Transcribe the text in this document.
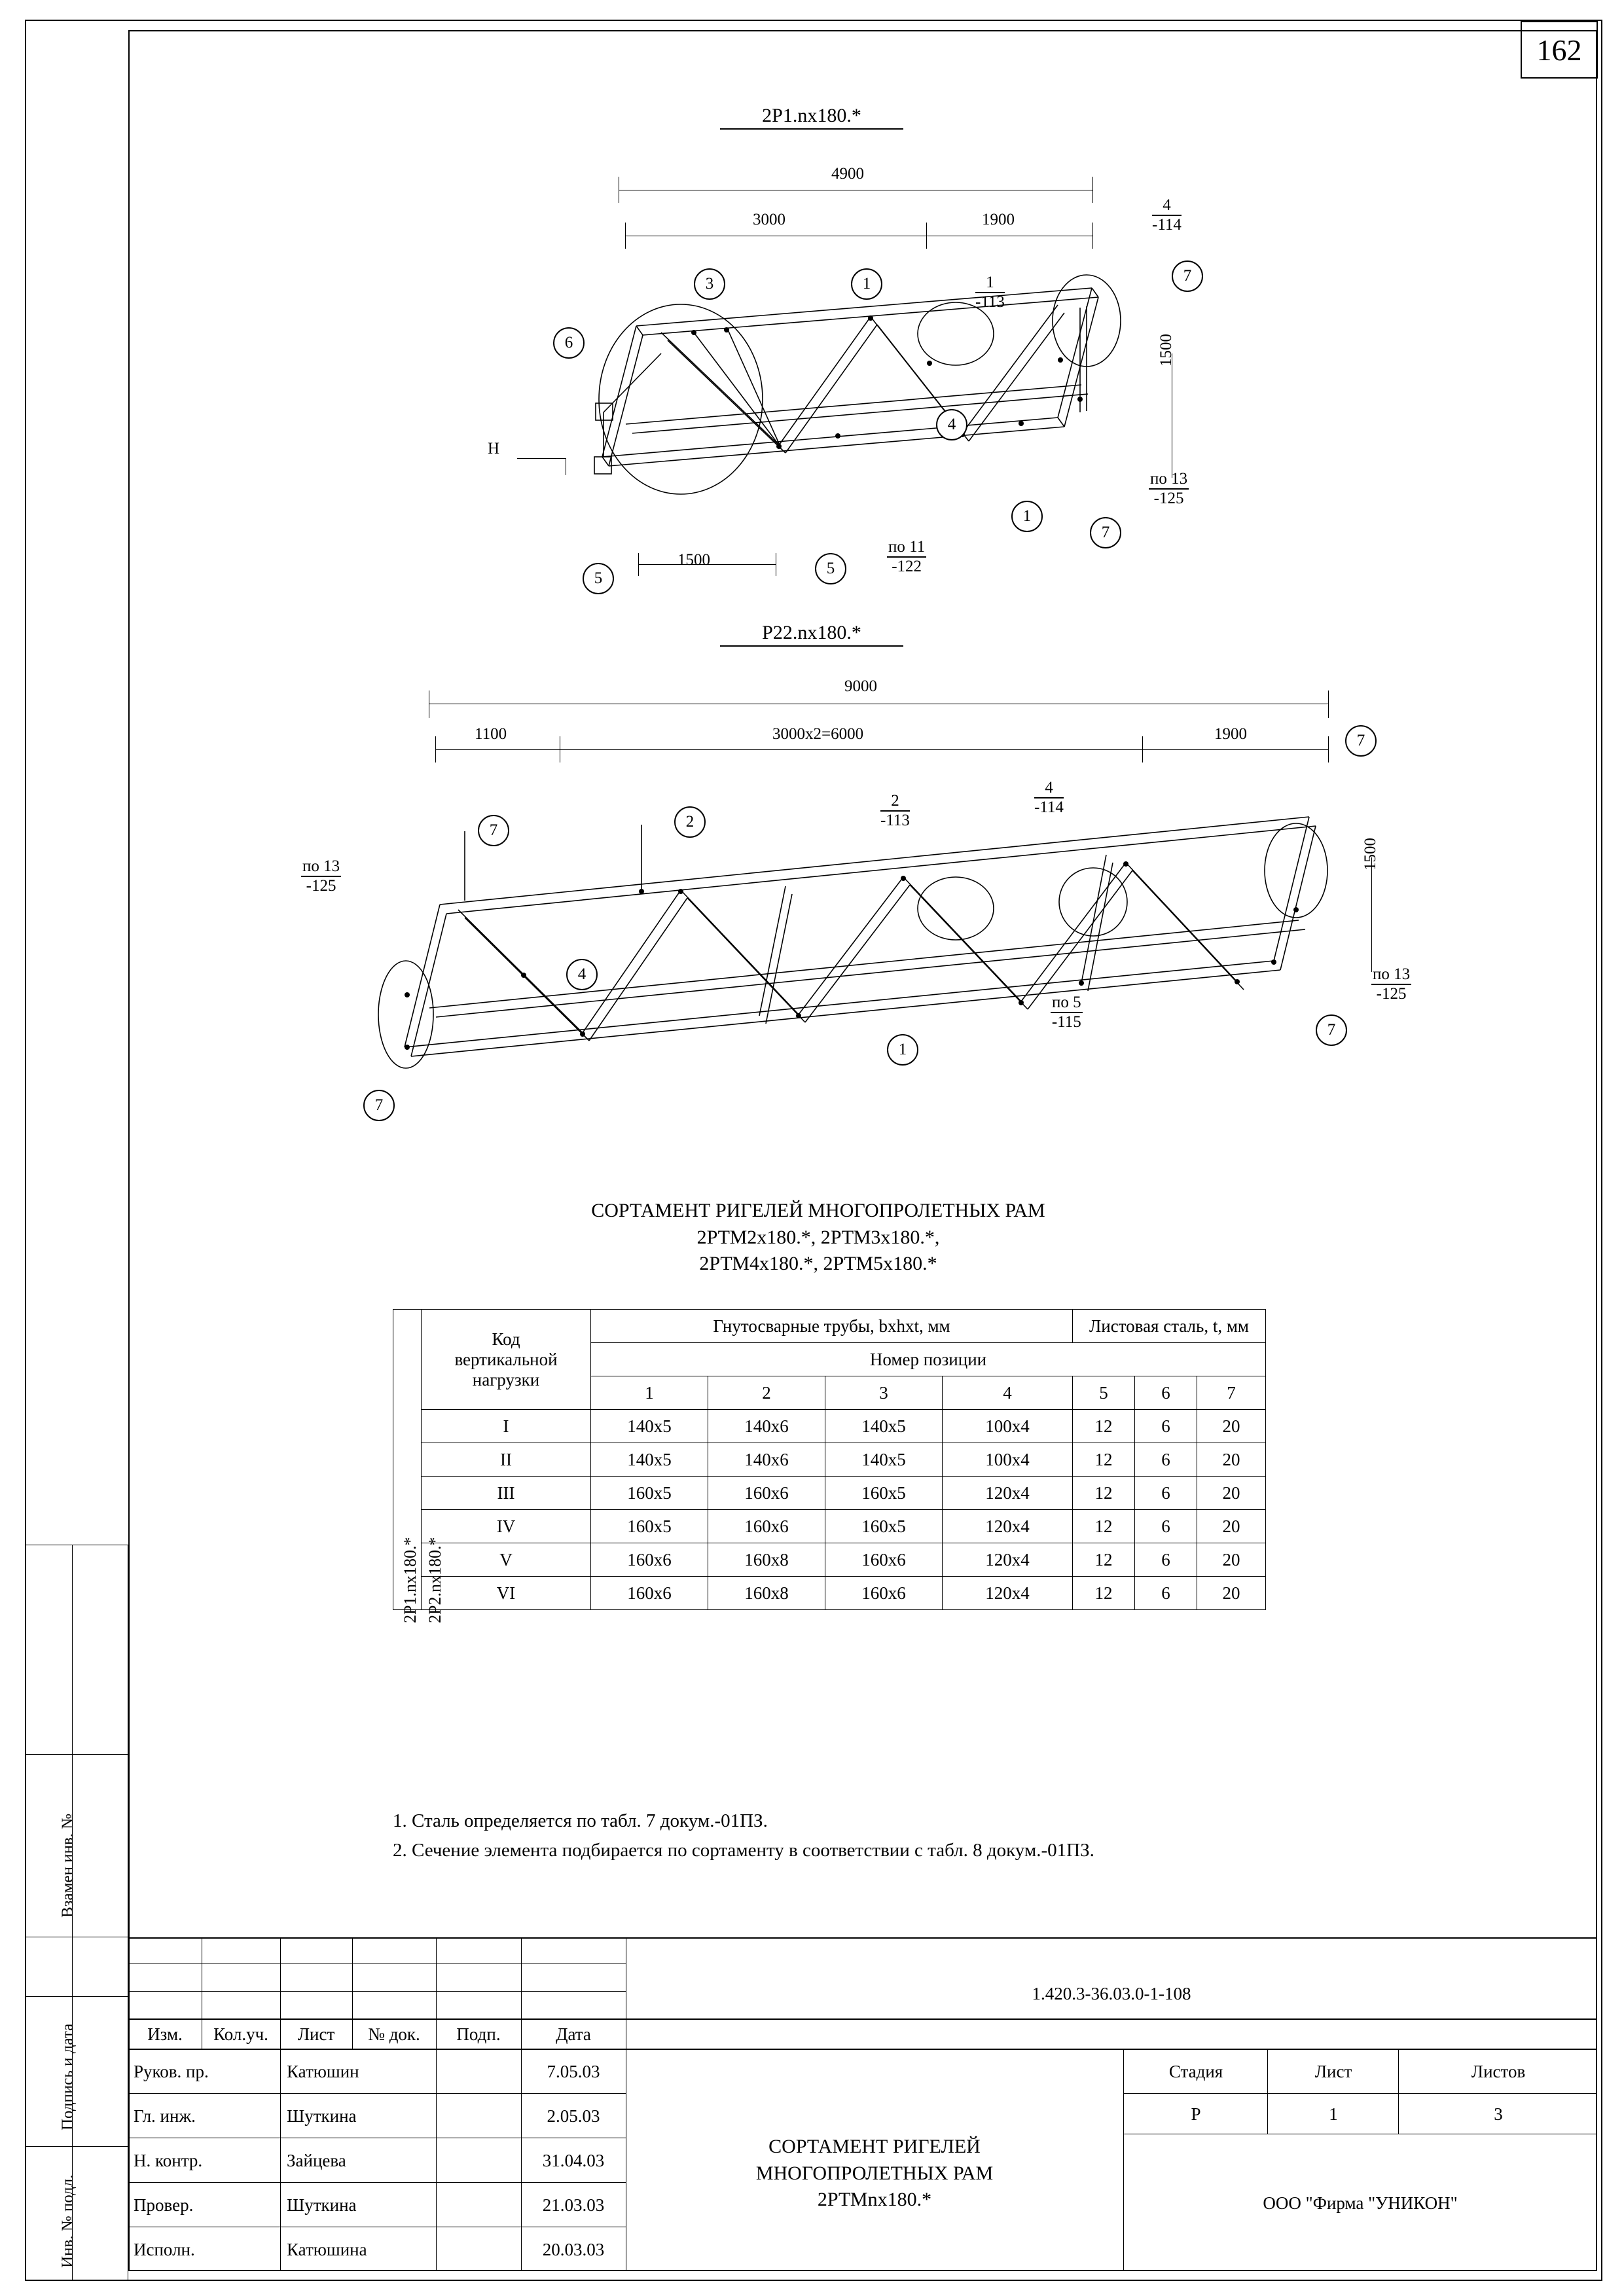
162
Взамен инв. №
Подпись и дата
Инв. № подл.
2P1.nx180.*
4900
3000	1900
1500
1500
H
4
-114
1
-113
по 13
-125
по 11
-122
3	1
6
4
7
1
7
5
5
P22.nx180.*
9000
1100	3000х2=6000	1900
1500
по 13
-125
2
-113
4
-114
по 13
-125
по 5
-115
7
2
7
4
1
7
7
СОРТАМЕНТ РИГЕЛЕЙ МНОГОПРОЛЕТНЫХ РАМ
2РТМ2х180.*, 2РТМ3х180.*,
2РТМ4х180.*, 2РТМ5х180.*

	Код
вертикальной
нагрузки	Гнутосварные трубы, bxhxt, мм				Листовая сталь, t, мм		
		Номер позиции						
		1	2	3	4	5	6	7
	I	140х5	140х6	140х5	100х4	12	6	20
	II	140х5	140х6	140х5	100х4	12	6	20
	III	160х5	160х6	160х5	120х4	12	6	20
	IV	160х5	160х6	160х5	120х4	12	6	20
	V	160х6	160х8	160х6	120х4	12	6	20
	VI	160х6	160х8	160х6	120х4	12	6	20
2Р1.nх180.* 2Р2.nх180.*
1. Сталь определяется по табл. 7 докум.-01ПЗ.
2. Сечение элемента подбирается по сортаменту в соответствии с табл. 8 докум.-01ПЗ.
Изм.	Кол.уч.	Лист	№ док.	Подп.	Дата
1.420.3-36.03.0-1-108
Руков. пр.	Катюшин	7.05.03
Гл. инж.	Шуткина	2.05.03
Н. контр.	Зайцева	31.04.03
Провер.	Шуткина	21.03.03
Исполн.	Катюшина	20.03.03
СОРТАМЕНТ РИГЕЛЕЙ
МНОГОПРОЛЕТНЫХ РАМ
2РТМnх180.*
Стадия	Лист	Листов
Р	1	3
ООО "Фирма "УНИКОН"
